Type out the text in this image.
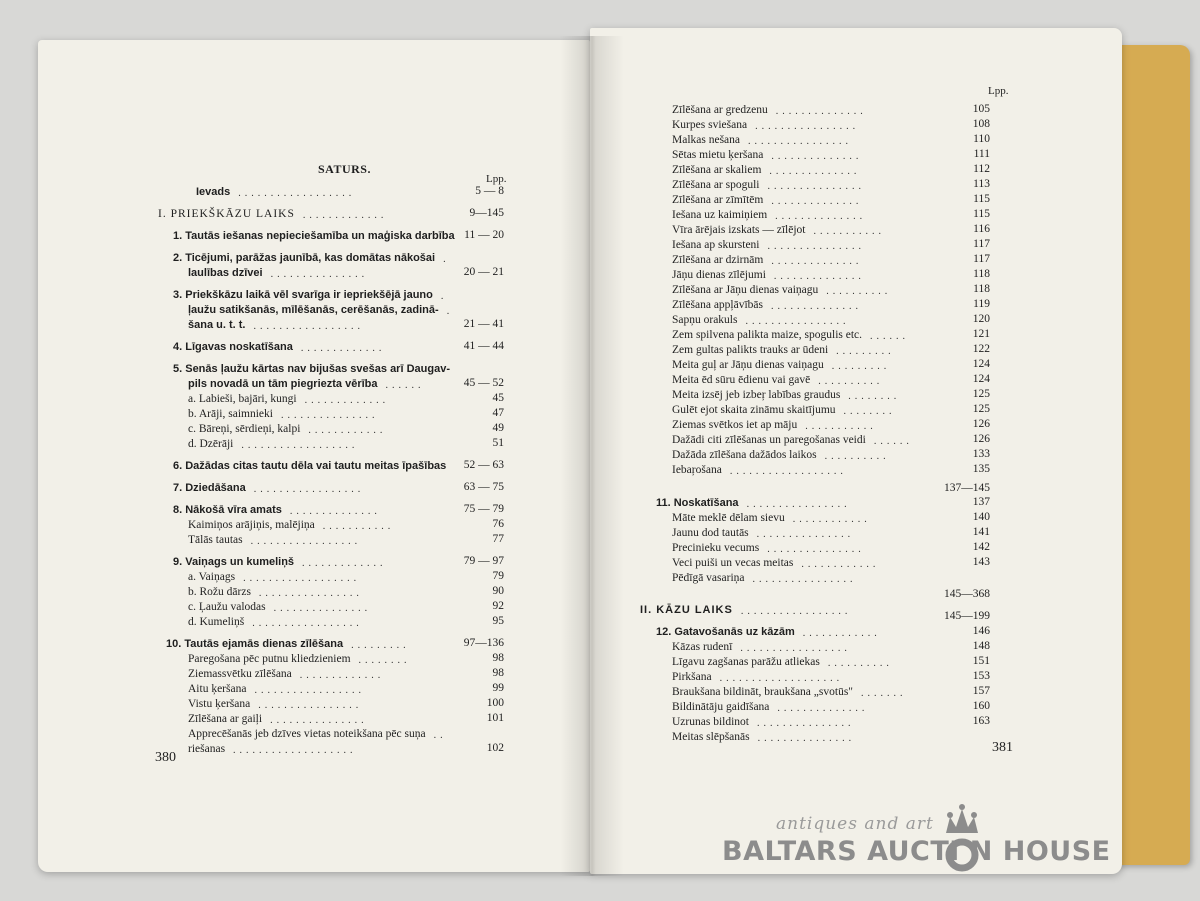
SATURS.
Lpp.
Lpp.
Ievads	5 — 8
I. PRIEKŠKĀZU LAIKS	9—145
1. Tautās iešanas nepieciešamība un maģiska darbība 11 — 20
2. Ticējumi, parāžas jaunībā, kas domātas nākošai
laulības dzīvei	20 — 21
3. Priekškāzu laikā vēl svarīga ir iepriekšējā jauno
ļaužu satikšanās, mīlēšanās, cerēšanās, zadinā-
šana u. t. t.	21 — 41
4. Līgavas noskatīšana	41 — 44
5. Senās ļaužu kārtas nav bijušas svešas arī Daugav-
pils novadā un tām piegriezta vērība	45 — 52
a. Labieši, bajāri, kungi	45
b. Arāji, saimnieki	47
c. Bāreņi, sērdieņi, kalpi	49
d. Dzērāji	51
6. Dažādas citas tautu dēla vai tautu meitas īpašības 52 — 63
7. Dziedāšana	63 — 75
8. Nākošā vīra amats	75 — 79
Kaimiņos arājiņis, malējiņa	76
Tālās tautas	77
9. Vaiņags un kumeliņš	79 — 97
a. Vaiņags	79
b. Rožu dārzs	90
c. Ļaužu valodas	92
d. Kumeliņš	95
10. Tautās ejamās dienas zīlēšana	97—136
Paregošana pēc putnu kliedzieniem	98
Ziemassvētku zīlēšana	98
Aitu ķeršana	99
Vistu ķeršana	100
Zīlēšana ar gaiļi	101
Apprecēšanās jeb dzīves vietas noteikšana pēc suņa
riešanas	102
Zīlēšana ar gredzenu	105
Kurpes sviešana	108
Malkas nešana	110
Sētas mietu ķeršana	111
Zīlēšana ar skaliem	112
Zīlēšana ar spoguli	113
Zīlēšana ar zīmītēm	115
Iešana uz kaimiņiem	115
Vīra ārējais izskats — zīlējot	116
Iešana ap skursteni	117
Zīlēšana ar dzirnām	117
Jāņu dienas zīlējumi	118
Zīlēšana ar Jāņu dienas vaiņagu	118
Zīlēšana appļāvībās	119
Sapņu orakuls	120
Zem spilvena palikta maize, spogulis etc.	121
Zem gultas palikts trauks ar ūdeni	122
Meita guļ ar Jāņu dienas vaiņagu	124
Meita ēd sūru ēdienu vai gavē	124
Meita izsēj jeb izbeŗ labības graudus	125
Gulēt ejot skaita zināmu skaitījumu	125
Ziemas svētkos iet ap māju	126
Dažādi citi zīlēšanas un paregošanas veidi	126
Dažāda zīlēšana dažādos laikos	133
Iebaŗošana	135
137—145
11. Noskatīšana	137
Māte meklē dēlam sievu	140
Jaunu dod tautās	141
Precinieku vecums	142
Veci puiši un vecas meitas	143
Pēdīgā vasariņa
145—368
II. KĀZU LAIKS	145—199
12. Gatavošanās uz kāzām	146
Kāzas rudenī	148
Līgavu zagšanas parāžu atliekas	151
Pirkšana	153
Braukšana bildināt, braukšana „svotūs"	157
Bildinātāju gaidīšana	160
Uzrunas bildinot	163
Meitas slēpšanās
380
381
antiques and art
BALTARS AUCTI N HOUSE
..................
.............
.
...............
.
.
.................
.............
......
.............
...............
............
..................
.................
..............
...........
.................
.............
..................
................
...............
.................
.........
........
.............
.................
................
...............
..
...................
..............
................
................
..............
..............
...............
..............
..............
...........
...............
..............
..............
..........
..............
................
......
.........
.........
..........
........
........
...........
......
..........
..................
................
............
...............
...............
............
................
.................
............
.................
..........
...................
.......
..............
...............
...............
